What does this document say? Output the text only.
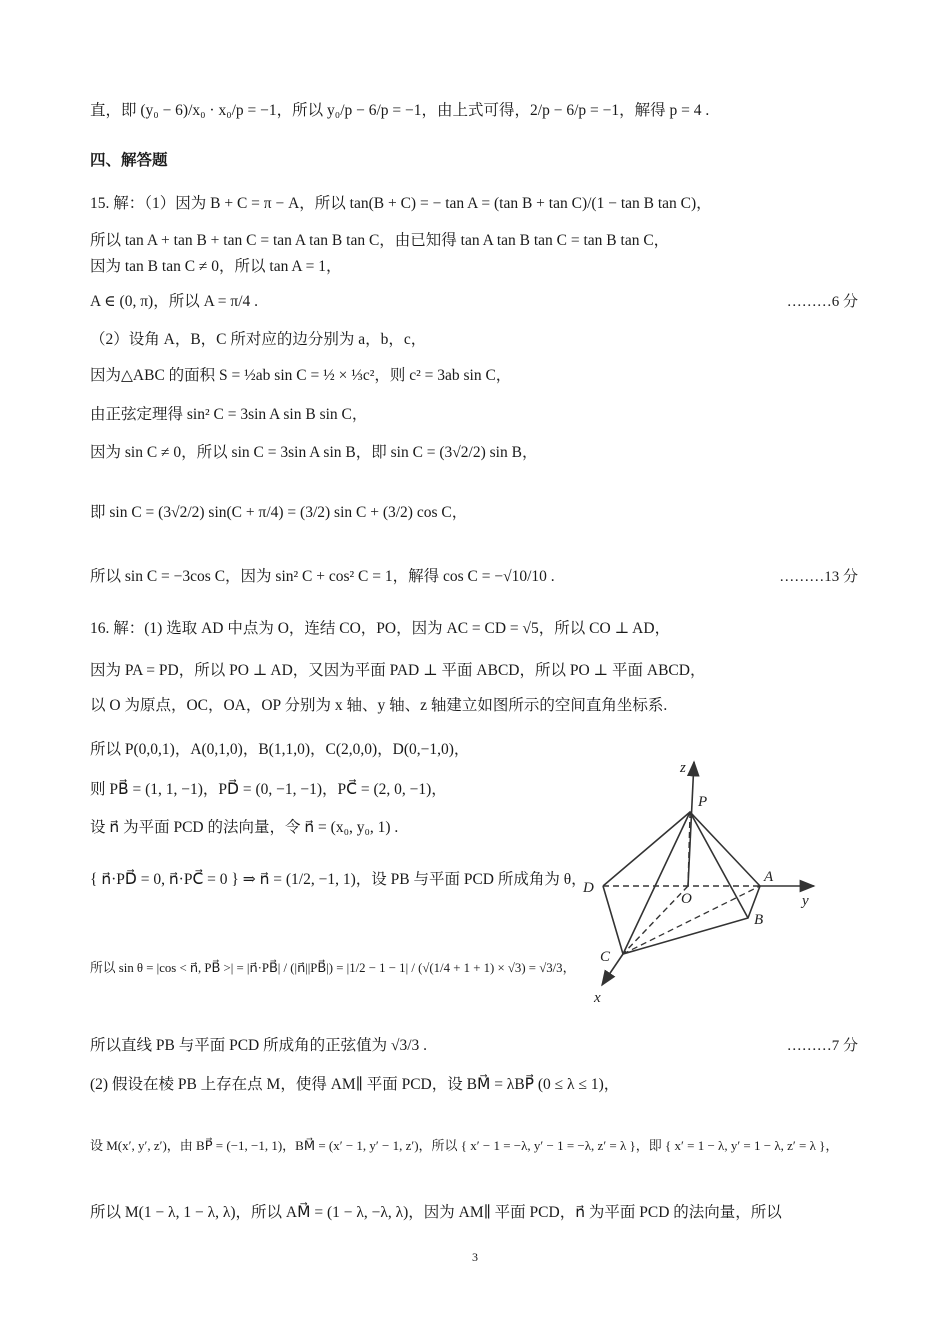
直，即 (y₀ − 6)/x₀ · x₀/p = −1，所以 y₀/p − 6/p = −1，由上式可得，2/p − 6/p = −1，解得 p = 4 .
四、解答题
15. 解：（1）因为 B + C = π − A，所以 tan(B + C) = − tan A = (tan B + tan C)/(1 − tan B tan C)，
所以 tan A + tan B + tan C = tan A tan B tan C，由已知得 tan A tan B tan C = tan B tan C，
因为 tan B tan C ≠ 0，所以 tan A = 1，
A ∈ (0, π)，所以 A = π/4 .	………6 分
（2）设角 A，B，C 所对应的边分别为 a，b，c，
因为△ABC 的面积 S = ½ab sin C = ½ × ⅓c²，则 c² = 3ab sin C，
由正弦定理得 sin² C = 3sin A sin B sin C，
因为 sin C ≠ 0，所以 sin C = 3sin A sin B，即 sin C = (3√2/2) sin B，
即 sin C = (3√2/2) sin(C + π/4) = (3/2) sin C + (3/2) cos C，
所以 sin C = −3cos C，因为 sin² C + cos² C = 1，解得 cos C = −√10/10 .	………13 分
16. 解：(1) 选取 AD 中点为 O，连结 CO，PO，因为 AC = CD = √5，所以 CO ⊥ AD，
因为 PA = PD，所以 PO ⊥ AD，又因为平面 PAD ⊥ 平面 ABCD，所以 PO ⊥ 平面 ABCD，
以 O 为原点，OC，OA，OP 分别为 x 轴、y 轴、z 轴建立如图所示的空间直角坐标系.
所以 P(0,0,1)，A(0,1,0)，B(1,1,0)，C(2,0,0)，D(0,−1,0)，
则 PB⃗ = (1, 1, −1)，PD⃗ = (0, −1, −1)，PC⃗ = (2, 0, −1)，
设 n⃗ 为平面 PCD 的法向量，令 n⃗ = (x₀, y₀, 1) .
{ n⃗·PD⃗ = 0, n⃗·PC⃗ = 0 } ⇒ n⃗ = (1/2, −1, 1)，设 PB 与平面 PCD 所成角为 θ，
所以 sin θ = |cos < n⃗, PB⃗ >| = |n⃗·PB⃗| / (|n⃗||PB⃗|) = |1/2 − 1 − 1| / (√(1/4 + 1 + 1) × √3) = √3/3，
所以直线 PB 与平面 PCD 所成角的正弦值为 √3/3 .	………7 分
(2) 假设在棱 PB 上存在点 M，使得 AM∥ 平面 PCD，设 BM⃗ = λBP⃗ (0 ≤ λ ≤ 1)，
设 M(x′, y′, z′)，由 BP⃗ = (−1, −1, 1)，BM⃗ = (x′ − 1, y′ − 1, z′)，所以 { x′ − 1 = −λ, y′ − 1 = −λ, z′ = λ }，即 { x′ = 1 − λ, y′ = 1 − λ, z′ = λ }，
所以 M(1 − λ, 1 − λ, λ)，所以 AM⃗ = (1 − λ, −λ, λ)，因为 AM∥ 平面 PCD，n⃗ 为平面 PCD 的法向量，所以
z
P
D
A
y
O
B
C
x
3
